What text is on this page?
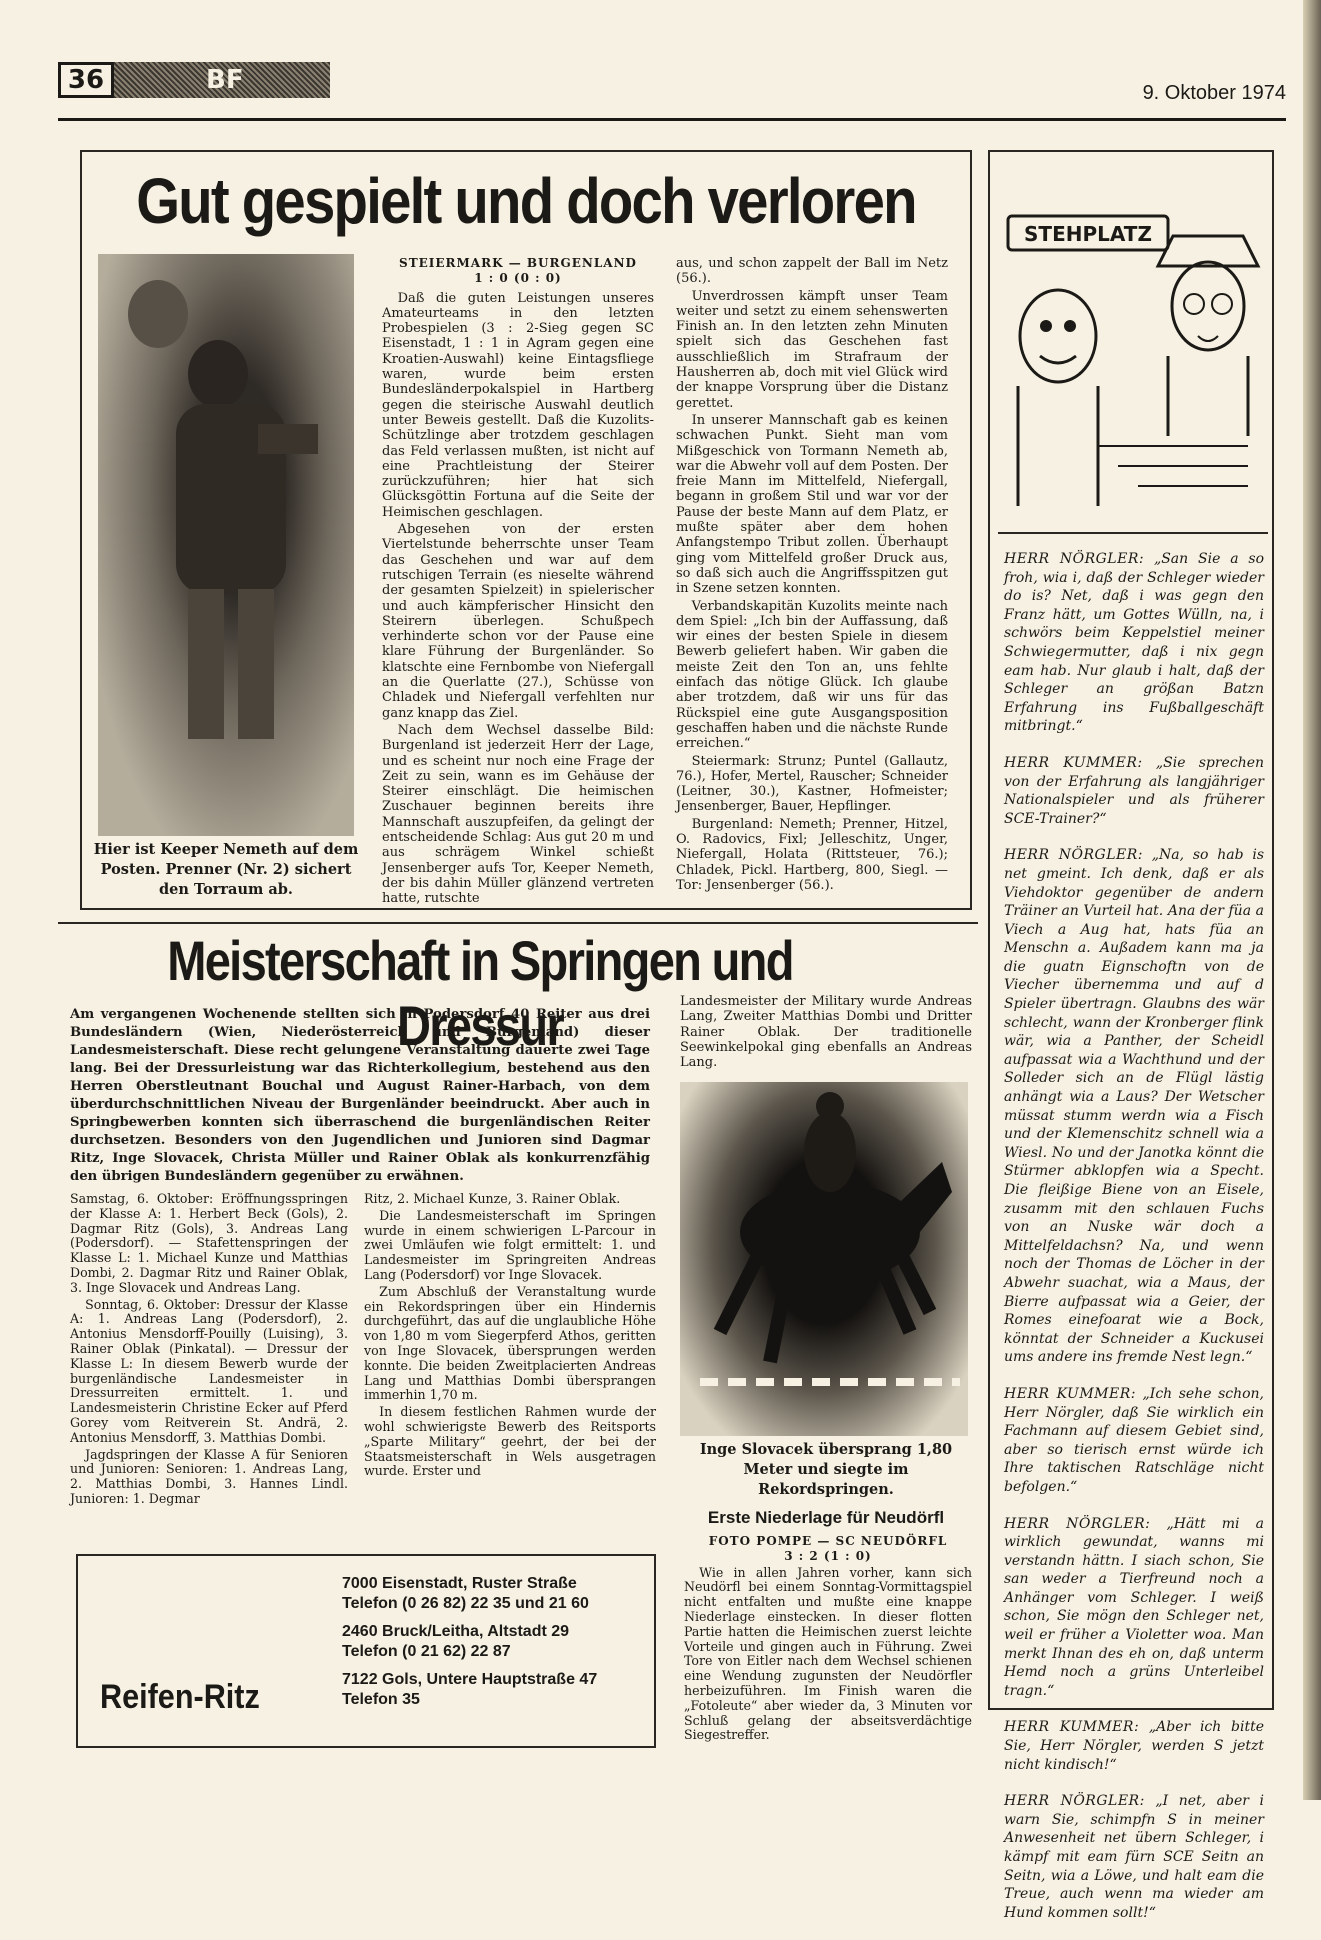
36	BF	9. Oktober 1974
Gut gespielt und doch verloren
Hier ist Keeper Nemeth auf dem Posten. Prenner (Nr. 2) sichert den Torraum ab.
STEIERMARK — BURGENLAND
1 : 0 (0 : 0)

Daß die guten Leistungen unseres Amateurteams in den letzten Probespielen (3 : 2-Sieg gegen SC Eisenstadt, 1 : 1 in Agram gegen eine Kroatien-Auswahl) keine Eintagsfliege waren, wurde beim ersten Bundesländerpokalspiel in Hartberg gegen die steirische Auswahl deutlich unter Beweis gestellt. Daß die Kuzolits-Schützlinge aber trotzdem geschlagen das Feld verlassen mußten, ist nicht auf eine Prachtleistung der Steirer zurückzuführen; hier hat sich Glücksgöttin Fortuna auf die Seite der Heimischen geschlagen.

Abgesehen von der ersten Viertelstunde beherrschte unser Team das Geschehen und war auf dem rutschigen Terrain (es nieselte während der gesamten Spielzeit) in spielerischer und auch kämpferischer Hinsicht den Steirern überlegen. Schußpech verhinderte schon vor der Pause eine klare Führung der Burgenländer. So klatschte eine Fernbombe von Niefergall an die Querlatte (27.), Schüsse von Chladek und Niefergall verfehlten nur ganz knapp das Ziel.

Nach dem Wechsel dasselbe Bild: Burgenland ist jederzeit Herr der Lage, und es scheint nur noch eine Frage der Zeit zu sein, wann es im Gehäuse der Steirer einschlägt. Die heimischen Zuschauer beginnen bereits ihre Mannschaft auszupfeifen, da gelingt der entscheidende Schlag: Aus gut 20 m und aus schrägem Winkel schießt Jensenberger aufs Tor, Keeper Nemeth, der bis dahin Müller glänzend vertreten hatte, rutschte

aus, und schon zappelt der Ball im Netz (56.).

Unverdrossen kämpft unser Team weiter und setzt zu einem sehenswerten Finish an. In den letzten zehn Minuten spielt sich das Geschehen fast ausschließlich im Strafraum der Hausherren ab, doch mit viel Glück wird der knappe Vorsprung über die Distanz gerettet.

In unserer Mannschaft gab es keinen schwachen Punkt. Sieht man vom Mißgeschick von Tormann Nemeth ab, war die Abwehr voll auf dem Posten. Der freie Mann im Mittelfeld, Niefergall, begann in großem Stil und war vor der Pause der beste Mann auf dem Platz, er mußte später aber dem hohen Anfangstempo Tribut zollen. Überhaupt ging vom Mittelfeld großer Druck aus, so daß sich auch die Angriffsspitzen gut in Szene setzen konnten.

Verbandskapitän Kuzolits meinte nach dem Spiel: „Ich bin der Auffassung, daß wir eines der besten Spiele in diesem Bewerb geliefert haben. Wir gaben die meiste Zeit den Ton an, uns fehlte einfach das nötige Glück. Ich glaube aber trotzdem, daß wir uns für das Rückspiel eine gute Ausgangsposition geschaffen haben und die nächste Runde erreichen.“

Steiermark: Strunz; Puntel (Gallautz, 76.), Hofer, Mertel, Rauscher; Schneider (Leitner, 30.), Kastner, Hofmeister; Jensenberger, Bauer, Hepflinger.

Burgenland: Nemeth; Prenner, Hitzel, O. Radovics, Fixl; Jelleschitz, Unger, Niefergall, Holata (Rittsteuer, 76.); Chladek, Pickl. Hartberg, 800, Siegl. — Tor: Jensenberger (56.).

STEHPLATZ
HERR NÖRGLER: „San Sie a so froh, wia i, daß der Schleger wieder do is? Net, daß i was gegn den Franz hätt, um Gottes Wülln, na, i schwörs beim Keppelstiel meiner Schwiegermutter, daß i nix gegn eam hab. Nur glaub i halt, daß der Schleger an größan Batzn Erfahrung ins Fußballgeschäft mitbringt.“
HERR KUMMER: „Sie sprechen von der Erfahrung als langjähriger Nationalspieler und als früherer SCE-Trainer?“
HERR NÖRGLER: „Na, so hab is net gmeint. Ich denk, daß er als Viehdoktor gegenüber de andern Träiner an Vurteil hat. Ana der füa a Viech a Aug hat, hats füa an Menschn a. Außadem kann ma ja die guatn Eignschoftn von de Viecher übernemma und auf d Spieler übertragn. Glaubns des wär schlecht, wann der Kronberger flink wär, wia a Panther, der Scheidl aufpassat wia a Wachthund und der Solleder sich an de Flügl lästig anhängt wia a Laus? Der Wetscher müssat stumm werdn wia a Fisch und der Klemenschitz schnell wia a Wiesl. No und der Janotka könnt die Stürmer abklopfen wia a Specht. Die fleißige Biene von an Eisele, zusamm mit den schlauen Fuchs von an Nuske wär doch a Mittelfeldachsn? Na, und wenn noch der Thomas de Löcher in der Abwehr suachat, wia a Maus, der Bierre aufpassat wia a Geier, der Romes einefoarat wie a Bock, könntat der Schneider a Kuckusei ums andere ins fremde Nest legn.“
HERR KUMMER: „Ich sehe schon, Herr Nörgler, daß Sie wirklich ein Fachmann auf diesem Gebiet sind, aber so tierisch ernst würde ich Ihre taktischen Ratschläge nicht befolgen.“
HERR NÖRGLER: „Hätt mi a wirklich gewundat, wanns mi verstandn hättn. I siach schon, Sie san weder a Tierfreund noch a Anhänger vom Schleger. I weiß schon, Sie mögn den Schleger net, weil er früher a Violetter woa. Man merkt Ihnan des eh on, daß unterm Hemd noch a grüns Unterleibel tragn.“
HERR KUMMER: „Aber ich bitte Sie, Herr Nörgler, werden S jetzt nicht kindisch!“
HERR NÖRGLER: „I net, aber i warn Sie, schimpfn S in meiner Anwesenheit net übern Schleger, i kämpf mit eam fürn SCE Seitn an Seitn, wia a Löwe, und halt eam die Treue, auch wenn ma wieder am Hund kommen sollt!“
Meisterschaft in Springen und Dressur
Am vergangenen Wochenende stellten sich in Podersdorf 40 Reiter aus drei Bundesländern (Wien, Niederösterreich und Burgenland) dieser Landesmeisterschaft. Diese recht gelungene Veranstaltung dauerte zwei Tage lang. Bei der Dressurleistung war das Richterkollegium, bestehend aus den Herren Oberstleutnant Bouchal und August Rainer-Harbach, von dem überdurchschnittlichen Niveau der Burgenländer beeindruckt. Aber auch in Springbewerben konnten sich überraschend die burgenländischen Reiter durchsetzen. Besonders von den Jugendlichen und Junioren sind Dagmar Ritz, Inge Slovacek, Christa Müller und Rainer Oblak als konkurrenzfähig den übrigen Bundesländern gegenüber zu erwähnen.

Landesmeister der Military wurde Andreas Lang, Zweiter Matthias Dombi und Dritter Rainer Oblak. Der traditionelle Seewinkelpokal ging ebenfalls an Andreas Lang.

Samstag, 6. Oktober: Eröffnungsspringen der Klasse A: 1. Herbert Beck (Gols), 2. Dagmar Ritz (Gols), 3. Andreas Lang (Podersdorf). — Stafettenspringen der Klasse L: 1. Michael Kunze und Matthias Dombi, 2. Dagmar Ritz und Rainer Oblak, 3. Inge Slovacek und Andreas Lang.

Sonntag, 6. Oktober: Dressur der Klasse A: 1. Andreas Lang (Podersdorf), 2. Antonius Mensdorff-Pouilly (Luising), 3. Rainer Oblak (Pinkatal). — Dressur der Klasse L: In diesem Bewerb wurde der burgenländische Landesmeister in Dressurreiten ermittelt. 1. und Landesmeisterin Christine Ecker auf Pferd Gorey vom Reitverein St. Andrä, 2. Antonius Mensdorff, 3. Matthias Dombi.

Jagdspringen der Klasse A für Senioren und Junioren: Senioren: 1. Andreas Lang, 2. Matthias Dombi, 3. Hannes Lindl. Junioren: 1. Degmar

Ritz, 2. Michael Kunze, 3. Rainer Oblak.

Die Landesmeisterschaft im Springen wurde in einem schwierigen L-Parcour in zwei Umläufen wie folgt ermittelt: 1. und Landesmeister im Springreiten Andreas Lang (Podersdorf) vor Inge Slovacek.

Zum Abschluß der Veranstaltung wurde ein Rekordspringen über ein Hindernis durchgeführt, das auf die unglaubliche Höhe von 1,80 m vom Siegerpferd Athos, geritten von Inge Slovacek, übersprungen werden konnte. Die beiden Zweitplacierten Andreas Lang und Matthias Dombi übersprangen immerhin 1,70 m.

In diesem festlichen Rahmen wurde der wohl schwierigste Bewerb des Reitsports „Sparte Military“ geehrt, der bei der Staatsmeisterschaft in Wels ausgetragen wurde. Erster und

Inge Slovacek übersprang 1,80 Meter und siegte im Rekordspringen.
Erste Niederlage für Neudörfl
FOTO POMPE — SC NEUDÖRFL
3 : 2 (1 : 0)

Wie in allen Jahren vorher, kann sich Neudörfl bei einem Sonntag-Vormittagspiel nicht entfalten und mußte eine knappe Niederlage einstecken. In dieser flotten Partie hatten die Heimischen zuerst leichte Vorteile und gingen auch in Führung. Zwei Tore von Eitler nach dem Wechsel schienen eine Wendung zugunsten der Neudörfler herbeizuführen. Im Finish waren die „Fotoleute“ aber wieder da, 3 Minuten vor Schluß gelang der abseitsverdächtige Siegestreffer.

7000 Eisenstadt, Ruster Straße
Telefon (0 26 82) 22 35 und 21 60
2460 Bruck/Leitha, Altstadt 29
Telefon (0 21 62) 22 87
7122 Gols, Untere Hauptstraße 47
Telefon 35
Reifen-Ritz
